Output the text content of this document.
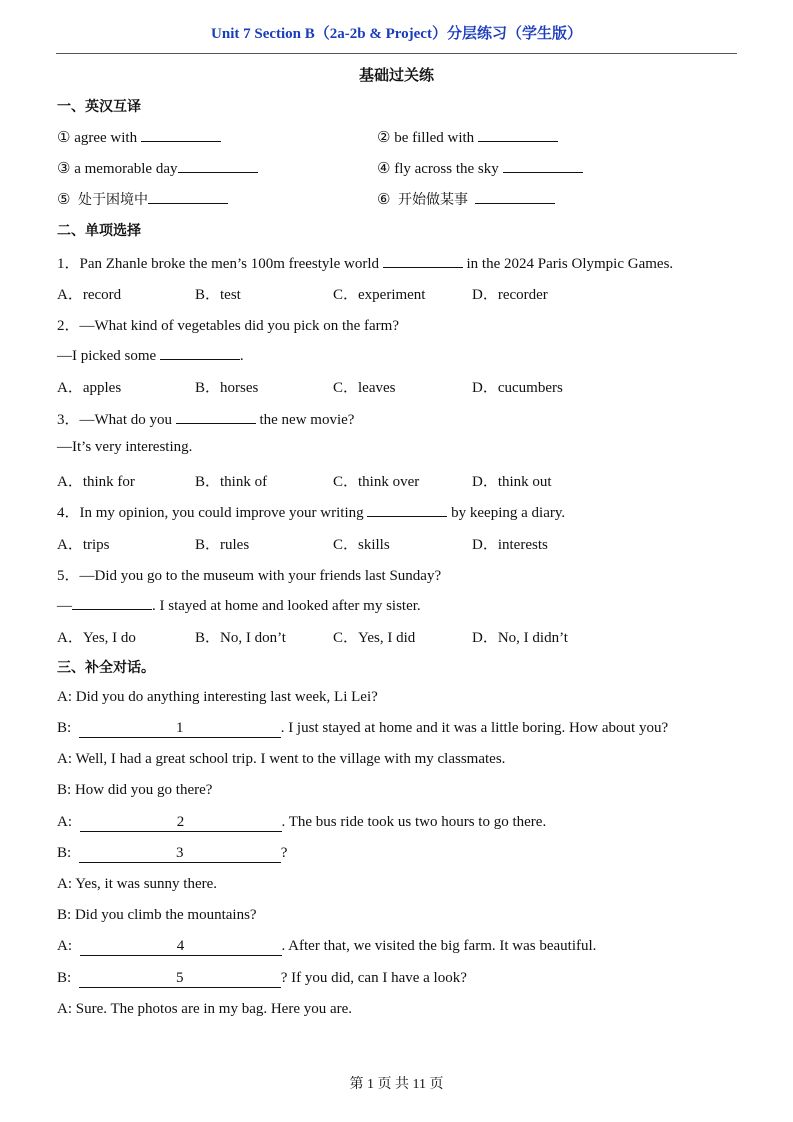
Unit 7 Section B（2a-2b & Project）分层练习（学生版）
基础过关练
一、英汉互译
① agree with	② be filled with
③ a memorable day	④ fly across the sky
⑤ 处于困境中	⑥ 开始做某事
二、单项选择
1．Pan Zhanle broke the men’s 100m freestyle world	in the 2024 Paris Olympic Games.
A．record	B．test	C．experiment	D．recorder
2．—What kind of vegetables did you pick on the farm?
—I picked some	.
A．apples	B．horses	C．leaves	D．cucumbers
3．—What do you	the new movie?
—It’s very interesting.
A．think for	B．think of	C．think over	D．think out
4．In my opinion, you could improve your writing	by keeping a diary.
A．trips	B．rules	C．skills	D．interests
5．—Did you go to the museum with your friends last Sunday?
—	. I stayed at home and looked after my sister.
A．Yes, I do	B．No, I don’t	C．Yes, I did	D．No, I didn’t
三、补全对话。
A: Did you do anything interesting last week, Li Lei?
B:	1	. I just stayed at home and it was a little boring. How about you?
A: Well, I had a great school trip. I went to the village with my classmates.
B: How did you go there?
A:	2	. The bus ride took us two hours to go there.
B:	3	?
A: Yes, it was sunny there.
B: Did you climb the mountains?
A:	4	. After that, we visited the big farm. It was beautiful.
B:	5	? If you did, can I have a look?
A: Sure. The photos are in my bag. Here you are.
第 1 页 共 11 页
